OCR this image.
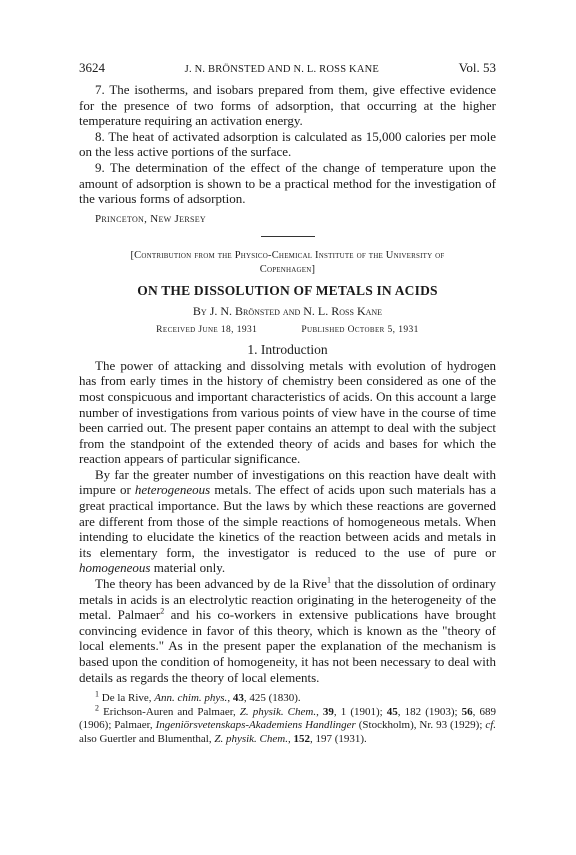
3624	J. N. BRÖNSTED AND N. L. ROSS KANE	Vol. 53

7. The isotherms, and isobars prepared from them, give effective evidence for the presence of two forms of adsorption, that occurring at the higher temperature requiring an activation energy.

8. The heat of activated adsorption is calculated as 15,000 calories per mole on the less active portions of the surface.

9. The determination of the effect of the change of temperature upon the amount of adsorption is shown to be a practical method for the investigation of the various forms of adsorption.

Princeton, New Jersey
[Contribution from the Physico-Chemical Institute of the University of
Copenhagen]
ON THE DISSOLUTION OF METALS IN ACIDS
By J. N. Brönsted and N. L. Ross Kane
Received June 18, 1931	Published October 5, 1931
1. Introduction

The power of attacking and dissolving metals with evolution of hydrogen has from early times in the history of chemistry been considered as one of the most conspicuous and important characteristics of acids. On this account a large number of investigations from various points of view have in the course of time been carried out. The present paper contains an attempt to deal with the subject from the standpoint of the extended theory of acids and bases for which the reaction appears of particular significance.

By far the greater number of investigations on this reaction have dealt with impure or heterogeneous metals. The effect of acids upon such materials has a great practical importance. But the laws by which these reactions are governed are different from those of the simple reactions of homogeneous metals. When intending to elucidate the kinetics of the reaction between acids and metals in its elementary form, the investigator is reduced to the use of pure or homogeneous material only.

The theory has been advanced by de la Rive$^1$ that the dissolution of ordinary metals in acids is an electrolytic reaction originating in the heterogeneity of the metal. Palmaer$^2$ and his co-workers in extensive publications have brought convincing evidence in favor of this theory, which is known as the "theory of local elements." As in the present paper the explanation of the mechanism is based upon the condition of homogeneity, it has not been necessary to deal with details as regards the theory of local elements.

$^1$ De la Rive, Ann. chim. phys., 43, 425 (1830).

$^2$ Erichson-Auren and Palmaer, Z. physik. Chem., 39, 1 (1901); 45, 182 (1903); 56, 689 (1906); Palmaer, Ingeniörsvetenskaps-Akademiens Handlinger (Stockholm), Nr. 93 (1929); cf. also Guertler and Blumenthal, Z. physik. Chem., 152, 197 (1931).
